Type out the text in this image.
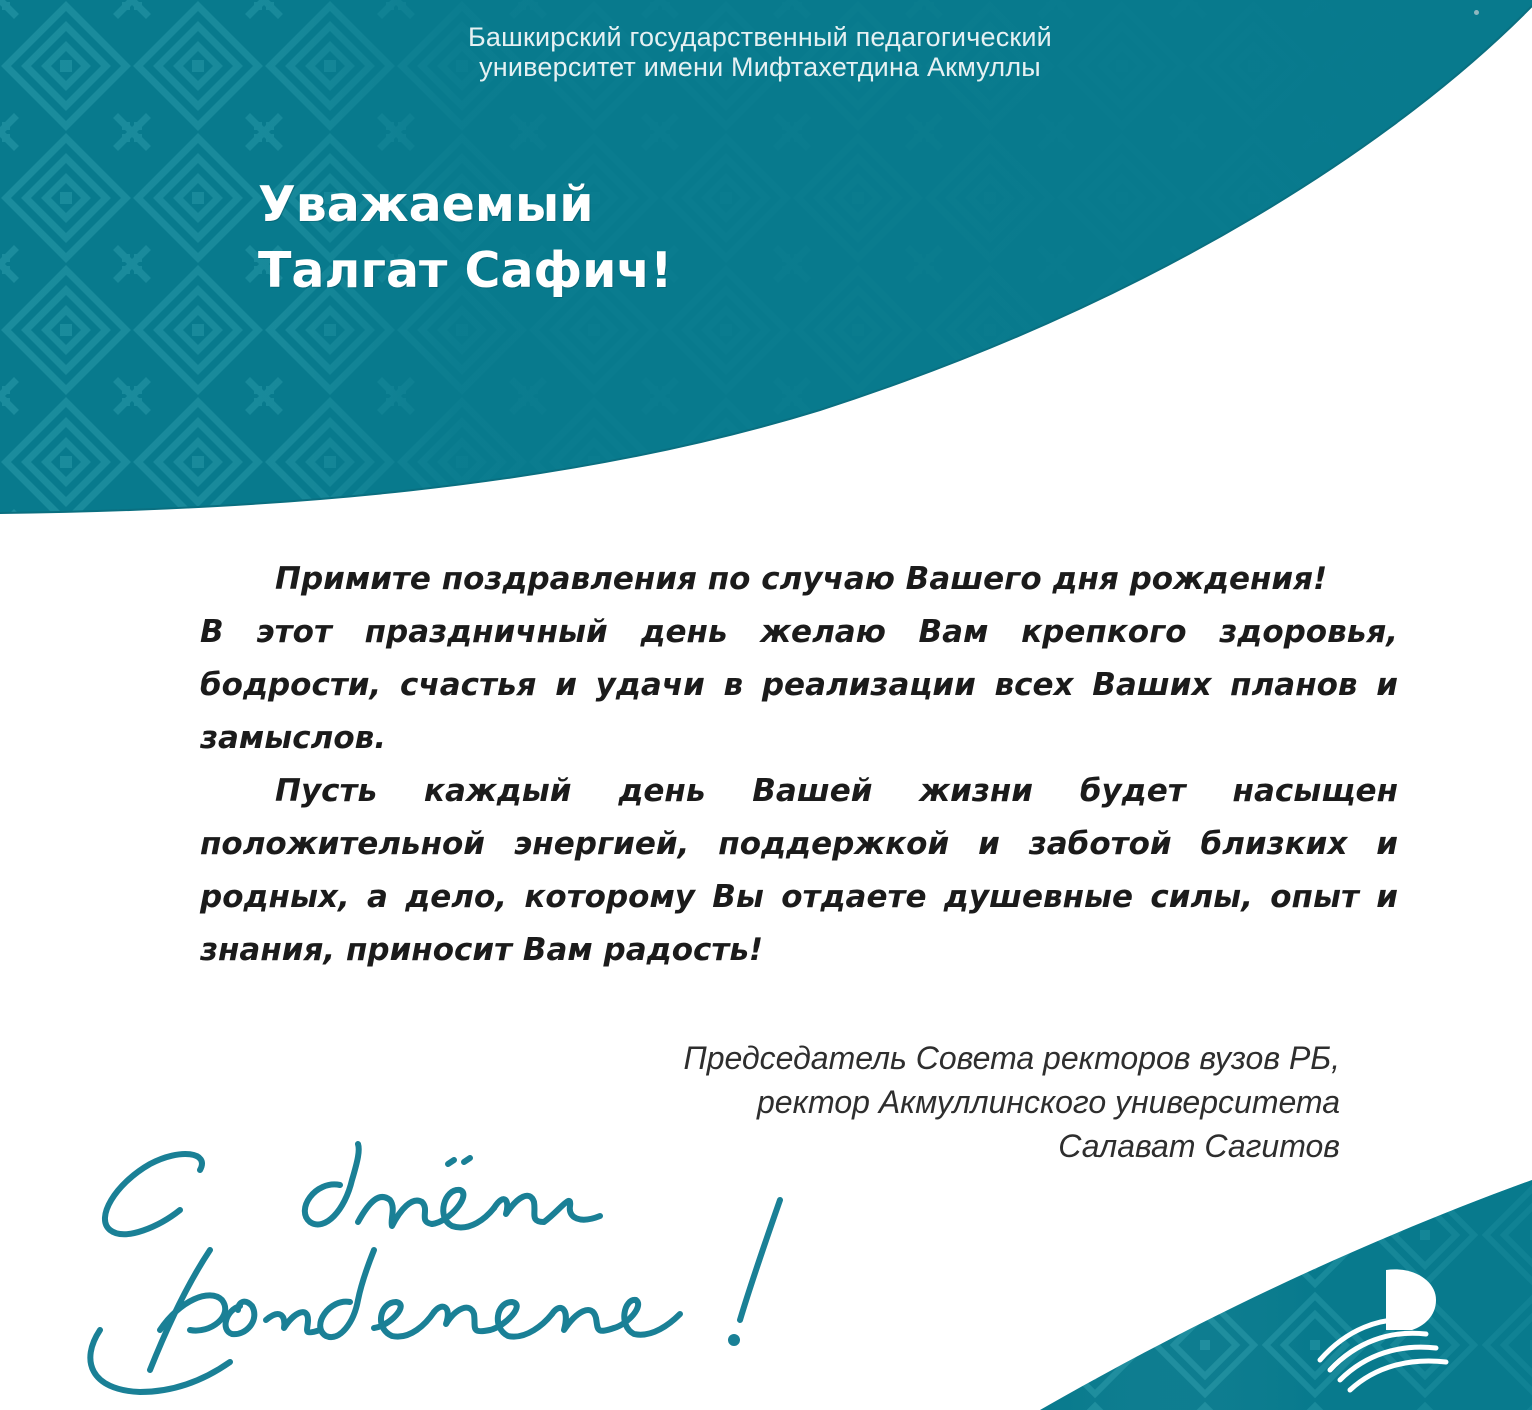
Башкирский государственный педагогический
университет имени Мифтахетдина Акмуллы
Уважаемый
Талгат Сафич!

Примите поздравления по случаю Вашего дня рождения!

В этот праздничный день желаю Вам крепкого здоровья, бодрости, счастья и удачи в реализации всех Ваших планов и замыслов.

Пусть каждый день Вашей жизни будет насыщен положительной энергией, поддержкой и заботой близких и родных, а дело, которому Вы отдаете душевные силы, опыт и знания, приносит Вам радость!

Председатель Совета ректоров вузов РБ,
ректор Акмуллинского университета
Салават Сагитов
